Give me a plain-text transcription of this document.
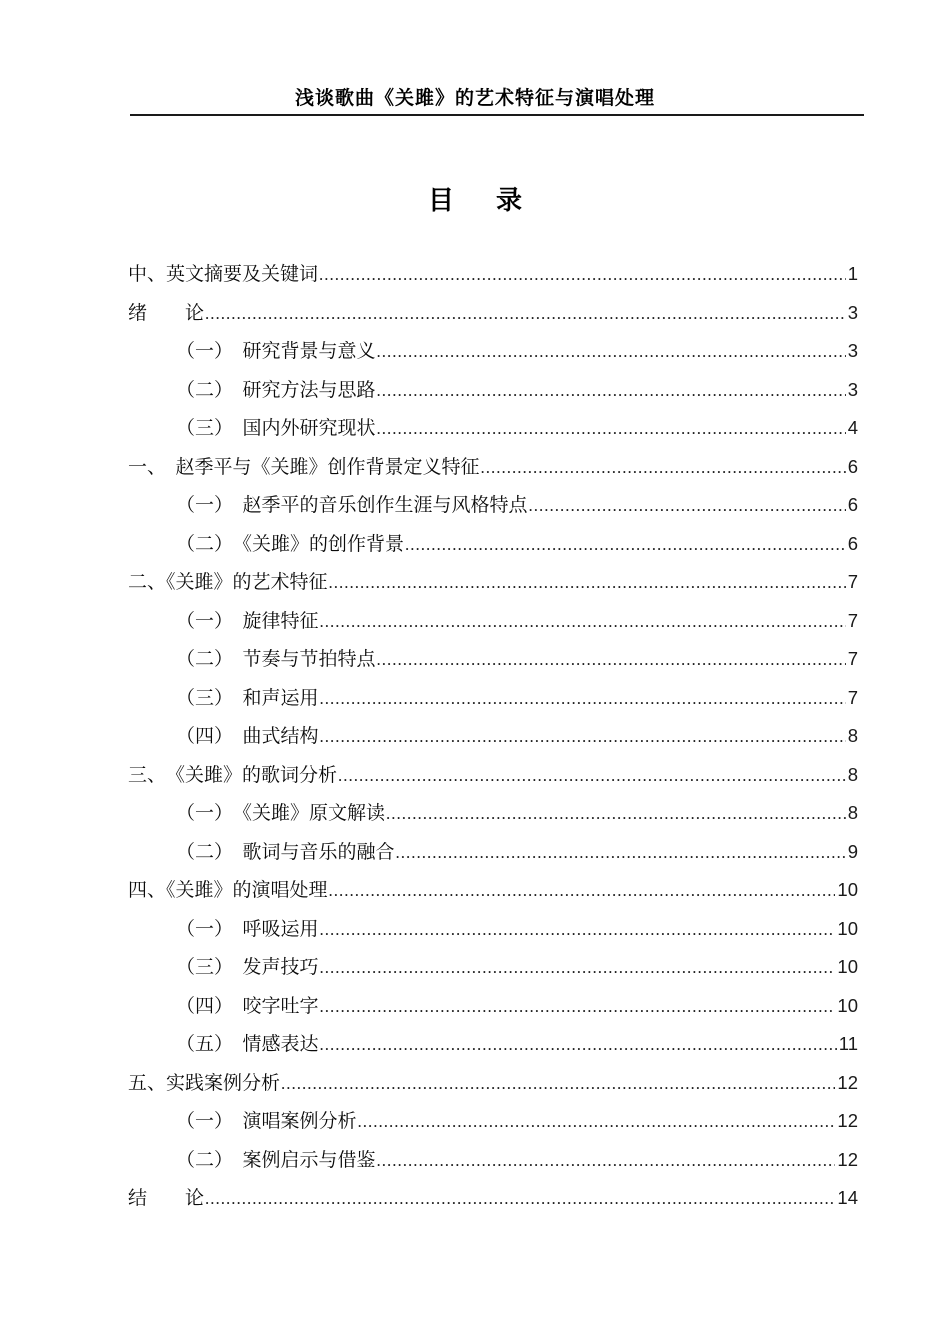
浅谈歌曲《关雎》的艺术特征与演唱处理
目　录
中、英文摘要及关键词 .....	1
绪　　论 .....	3
（一）　研究背景与意义 .....	3
（二）　研究方法与思路 .....	3
（三）　国内外研究现状 .....	4
一、　赵季平与《关雎》创作背景定义特征 .....	6
（一）　赵季平的音乐创作生涯与风格特点 .....	6
（二）　《关雎》的创作背景 .....	6
二、《关雎》的艺术特征 .....	7
（一）　旋律特征 .....	7
（二）　节奏与节拍特点 .....	7
（三）　和声运用 .....	7
（四）　曲式结构 .....	8
三、　《关雎》的歌词分析 .....	8
（一）　《关雎》原文解读 .....	8
（二）　歌词与音乐的融合 .....	9
四、《关雎》的演唱处理 .....	10
（一）　呼吸运用 .....	10
（三）　发声技巧 .....	10
（四）　咬字吐字 .....	10
（五）　情感表达 .....	11
五、实践案例分析 .....	12
（一）　演唱案例分析 .....	12
（二）　案例启示与借鉴 .....	12
结　　论 .....	14
